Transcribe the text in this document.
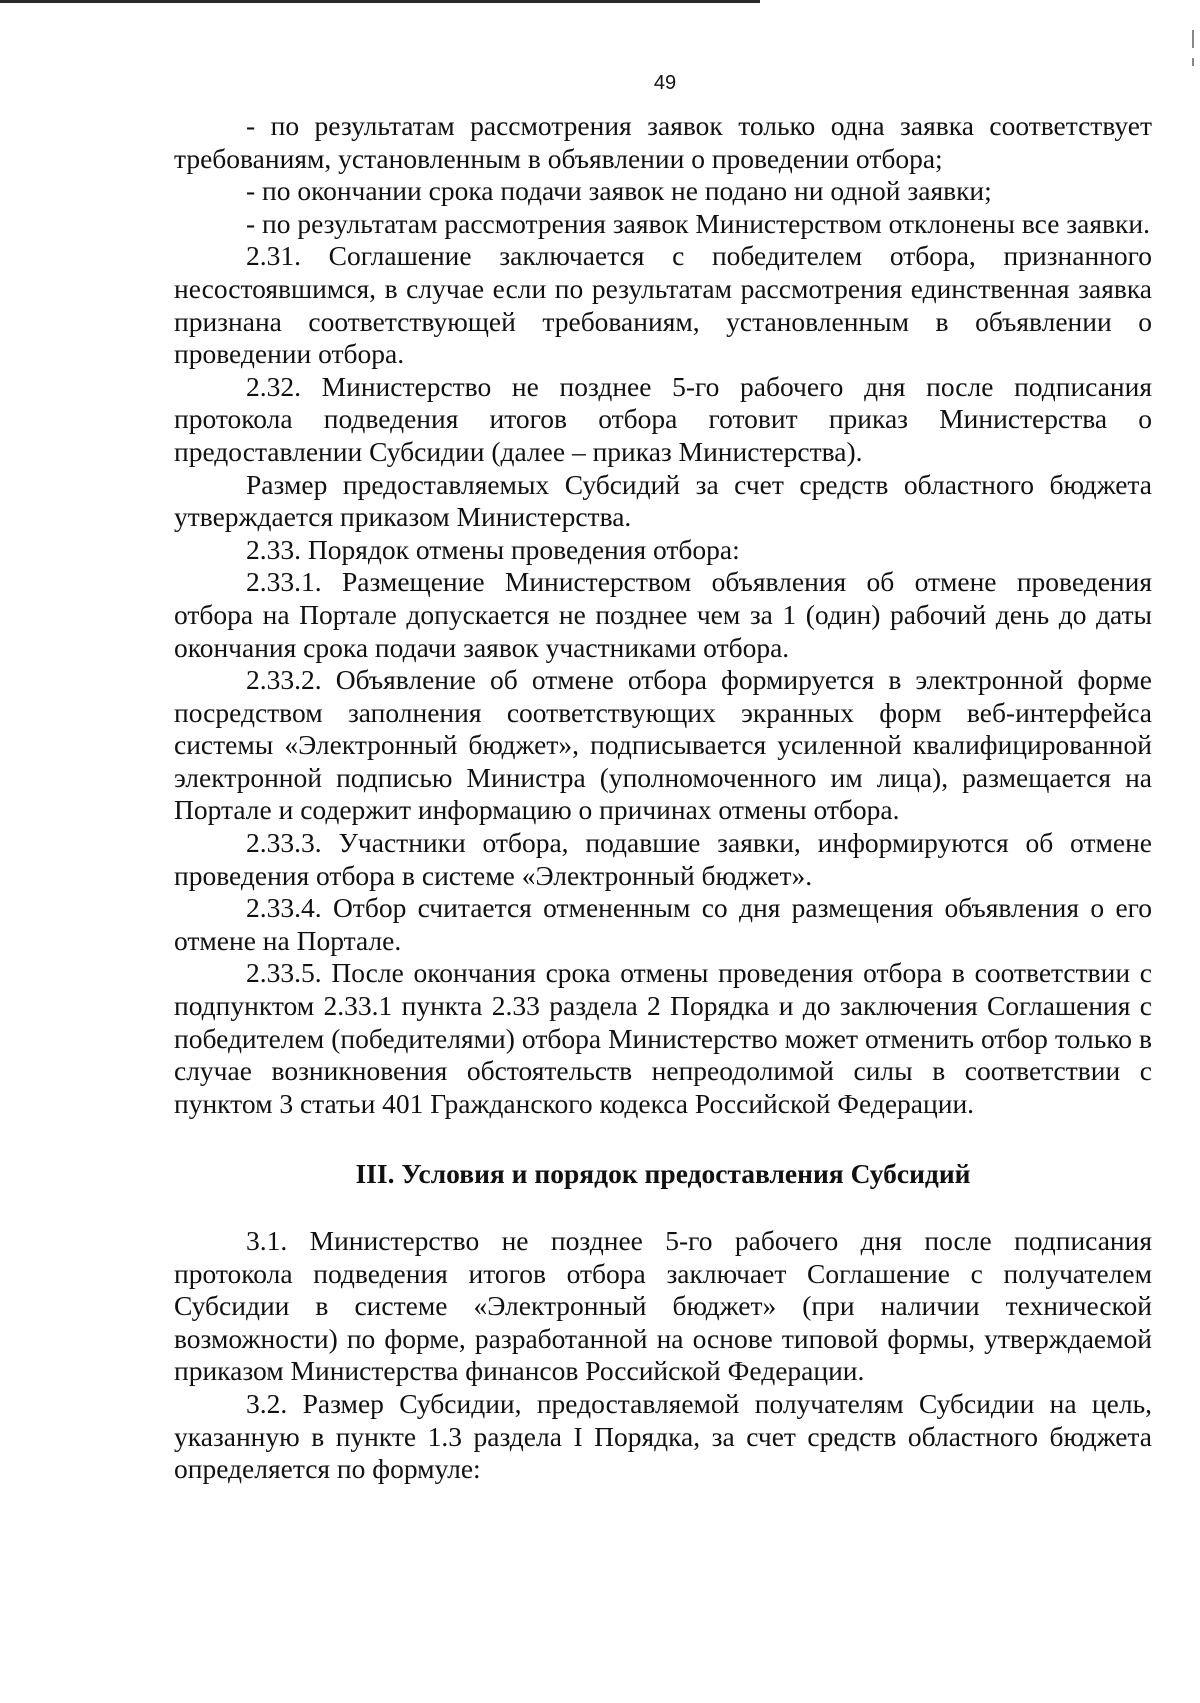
49

- по результатам рассмотрения заявок только одна заявка соответствует требованиям, установленным в объявлении о проведении отбора;

- по окончании срока подачи заявок не подано ни одной заявки;

- по результатам рассмотрения заявок Министерством отклонены все заявки.

2.31. Соглашение заключается с победителем отбора, признанного несостоявшимся, в случае если по результатам рассмотрения единственная заявка признана соответствующей требованиям, установленным в объявлении о проведении отбора.

2.32. Министерство не позднее 5-го рабочего дня после подписания протокола подведения итогов отбора готовит приказ Министерства о предоставлении Субсидии (далее – приказ Министерства).

Размер предоставляемых Субсидий за счет средств областного бюджета утверждается приказом Министерства.

2.33. Порядок отмены проведения отбора:

2.33.1. Размещение Министерством объявления об отмене проведения отбора на Портале допускается не позднее чем за 1 (один) рабочий день до даты окончания срока подачи заявок участниками отбора.

2.33.2. Объявление об отмене отбора формируется в электронной форме посредством заполнения соответствующих экранных форм веб-интерфейса системы «Электронный бюджет», подписывается усиленной квалифицированной электронной подписью Министра (уполномоченного им лица), размещается на Портале и содержит информацию о причинах отмены отбора.

2.33.3. Участники отбора, подавшие заявки, информируются об отмене проведения отбора в системе «Электронный бюджет».

2.33.4. Отбор считается отмененным со дня размещения объявления о его отмене на Портале.

2.33.5. После окончания срока отмены проведения отбора в соответствии с подпунктом 2.33.1 пункта 2.33 раздела 2 Порядка и до заключения Соглашения с победителем (победителями) отбора Министерство может отменить отбор только в случае возникновения обстоятельств непреодолимой силы в соответствии с пунктом 3 статьи 401 Гражданского кодекса Российской Федерации.

III. Условия и порядок предоставления Субсидий

3.1. Министерство не позднее 5-го рабочего дня после подписания протокола подведения итогов отбора заключает Соглашение с получателем Субсидии в системе «Электронный бюджет» (при наличии технической возможности) по форме, разработанной на основе типовой формы, утверждаемой приказом Министерства финансов Российской Федерации.

3.2. Размер Субсидии, предоставляемой получателям Субсидии на цель, указанную в пункте 1.3 раздела I Порядка, за счет средств областного бюджета определяется по формуле:
